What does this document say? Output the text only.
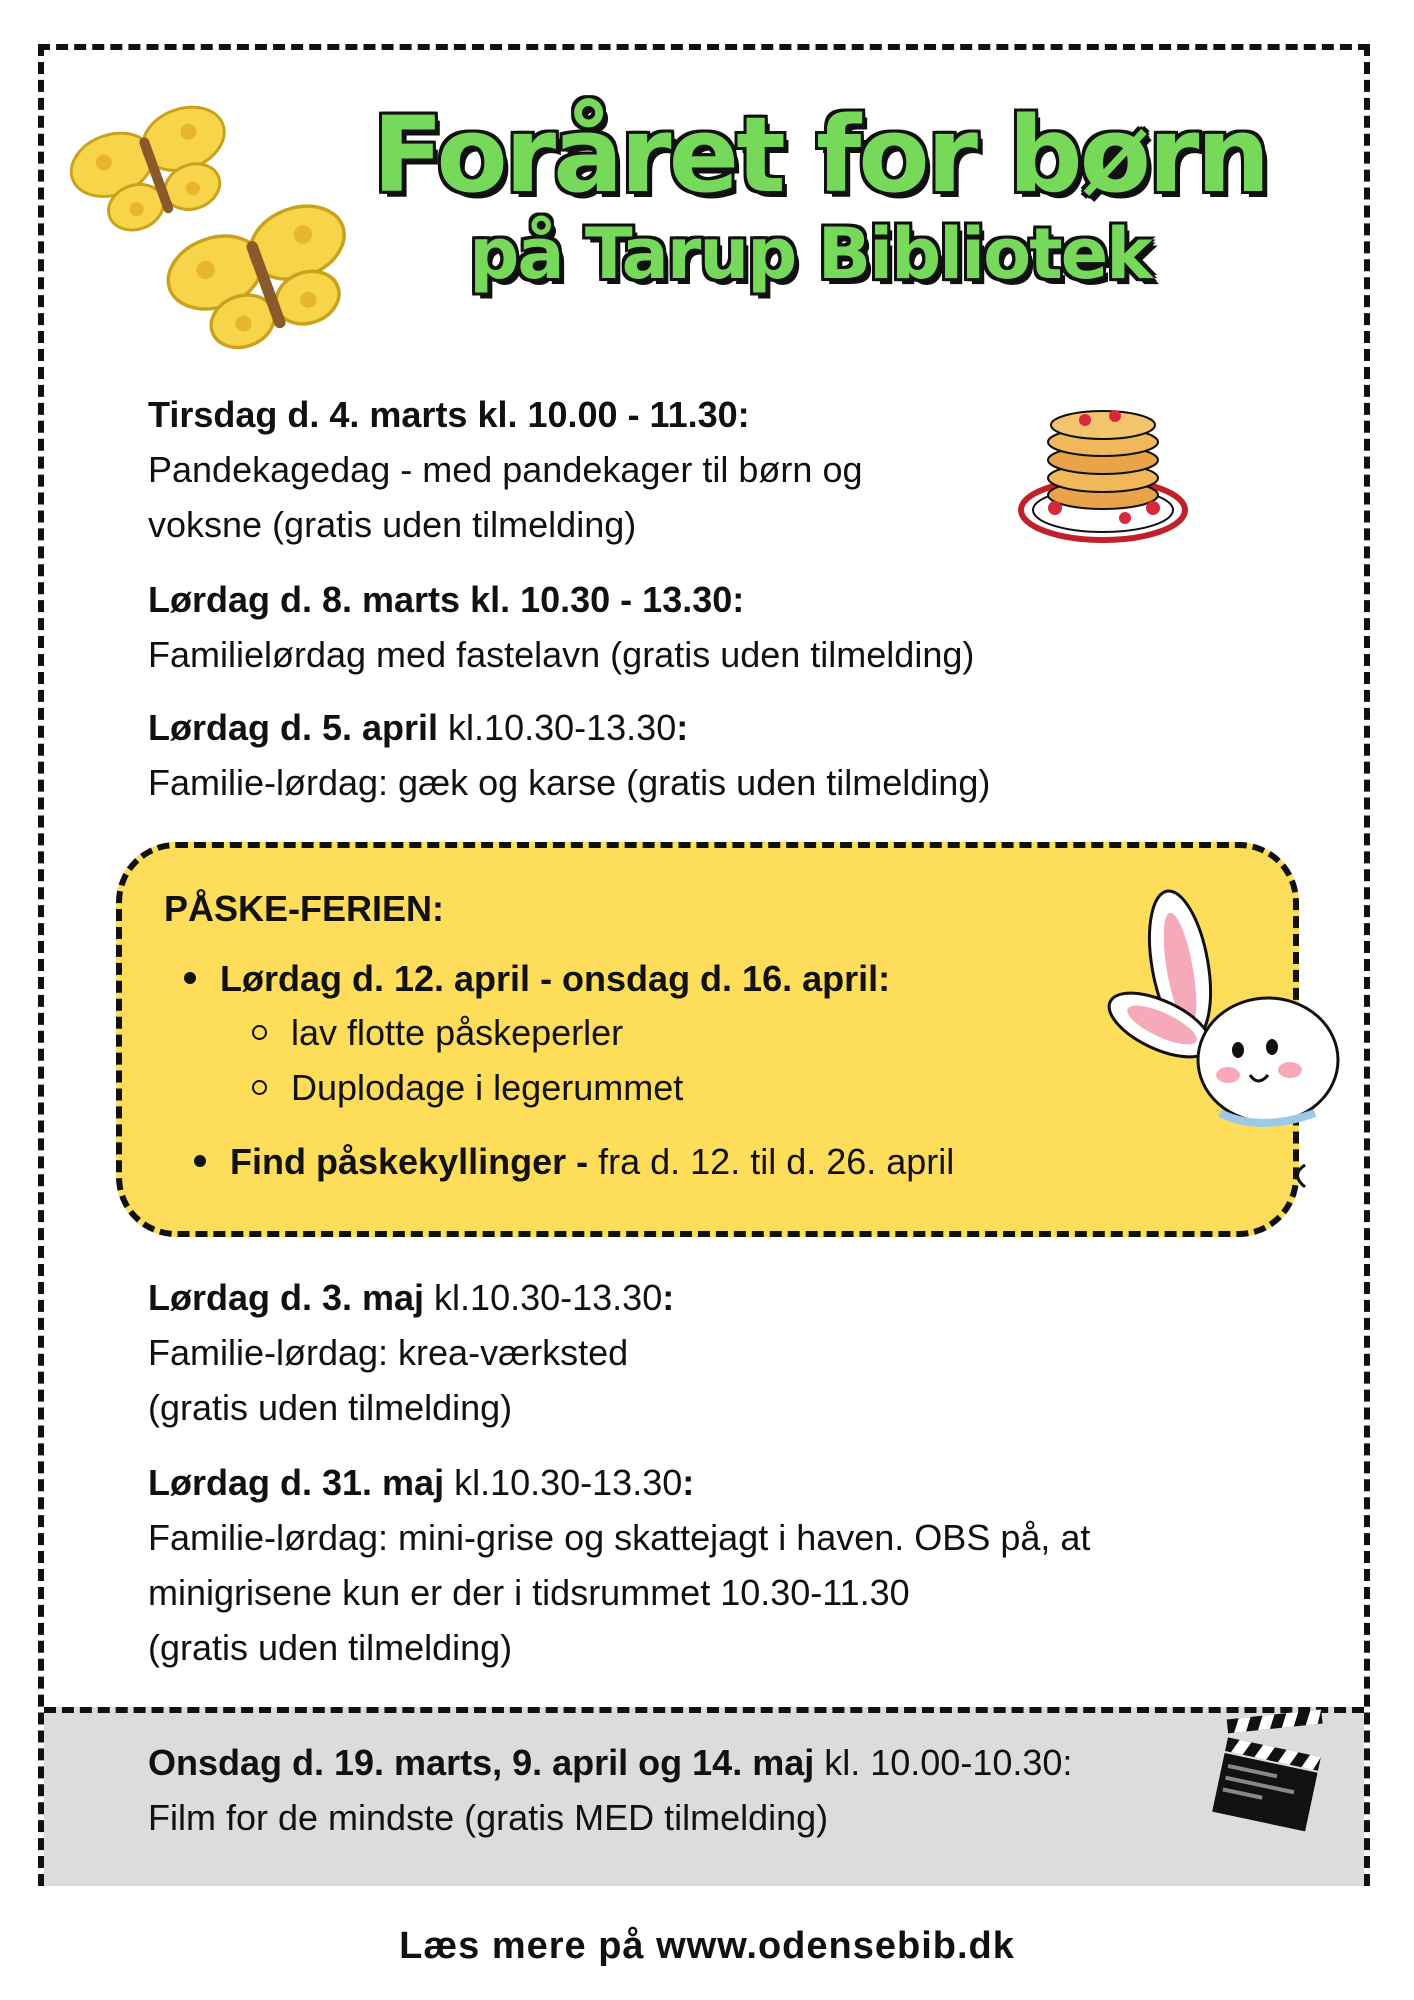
Foråret for børn
på Tarup Bibliotek
Tirsdag d. 4. marts kl. 10.00 - 11.30:
Pandekagedag - med pandekager til børn og
voksne (gratis uden tilmelding)
Lørdag d. 8. marts kl. 10.30 - 13.30:
Familielørdag med fastelavn (gratis uden tilmelding)
Lørdag d. 5. april kl.10.30-13.30:
Familie-lørdag: gæk og karse (gratis uden tilmelding)
PÅSKE-FERIEN:
Lørdag d. 12. april - onsdag d. 16. april:
lav flotte påskeperler
Duplodage i legerummet
Find påskekyllinger - fra d. 12. til d. 26. april
Lørdag d. 3. maj kl.10.30-13.30:
Familie-lørdag: krea-værksted
(gratis uden tilmelding)
Lørdag d. 31. maj kl.10.30-13.30:
Familie-lørdag: mini-grise og skattejagt i haven. OBS på, at
minigrisene kun er der i tidsrummet 10.30-11.30
(gratis uden tilmelding)
Onsdag d. 19. marts, 9. april og 14. maj kl. 10.00-10.30:
Film for de mindste (gratis MED tilmelding)
Læs mere på www.odensebib.dk
